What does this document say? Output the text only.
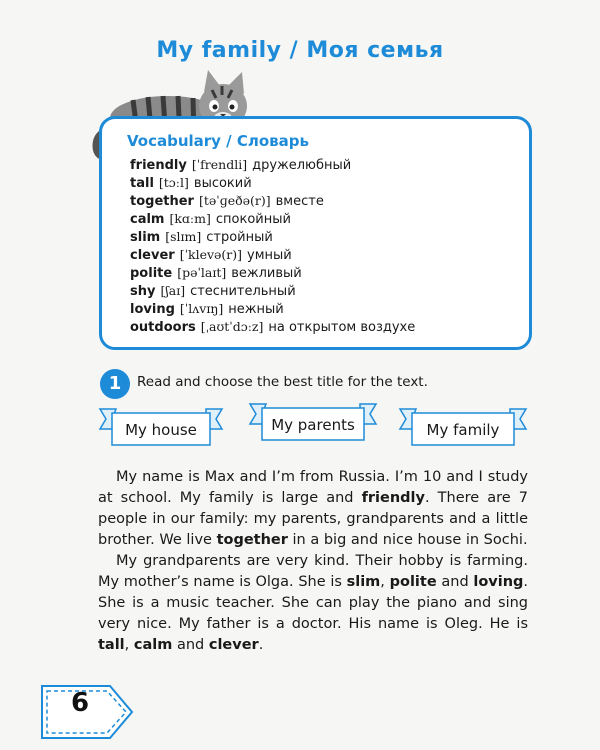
My family / Моя семья
Vocabulary / Словарь
friendly [ˈfrendli] дружелюбный
tall [tɔːl] высокий
together [təˈɡeðə(r)] вместе
calm [kɑːm] спокойный
slim [slɪm] стройный
clever [ˈklevə(r)] умный
polite [pəˈlaɪt] вежливый
shy [ʃaɪ] стеснительный
loving [ˈlʌvɪŋ] нежный
outdoors [ˌaʊtˈdɔːz] на открытом воздухе
1	Read and choose the best title for the text.
My house	My parents	My family

My name is Max and I’m from Russia. I’m 10 and I study at school. My family is large and friendly. There are 7 people in our family: my parents, grandparents and a little brother. We live together in a big and nice house in Sochi.

My grandparents are very kind. Their hobby is farming. My mother’s name is Olga. She is slim, polite and loving. She is a music teacher. She can play the piano and sing very nice. My father is a doctor. His name is Oleg. He is tall, calm and clever.

6
